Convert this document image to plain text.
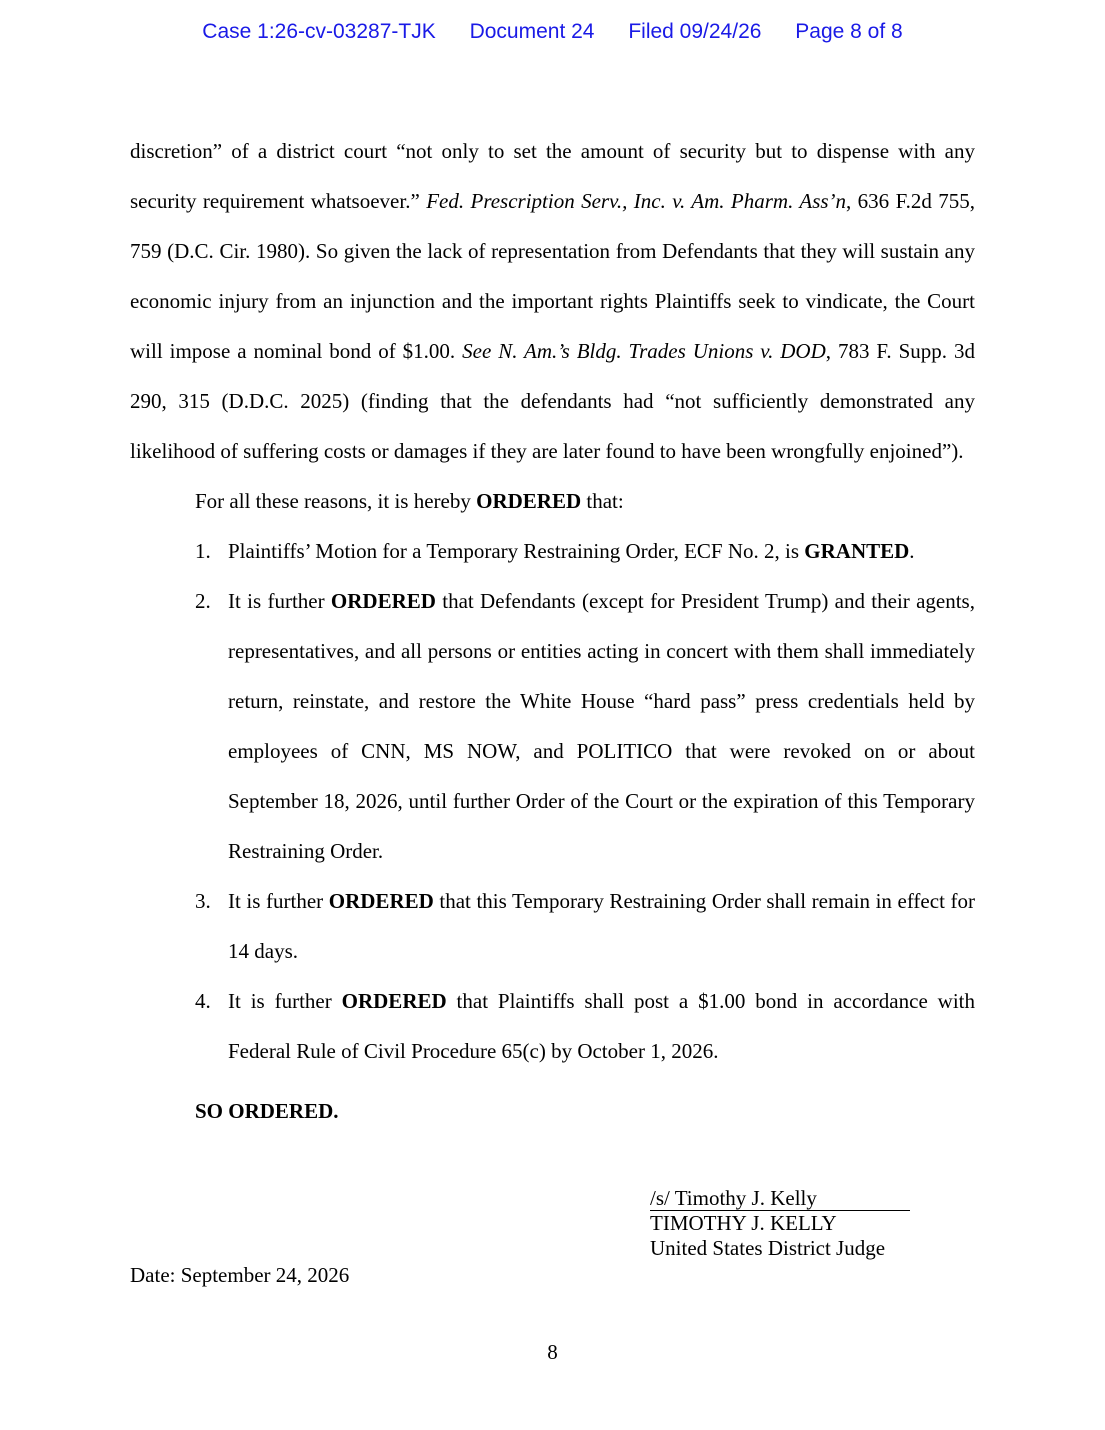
Case 1:26-cv-03287-TJK Document 24 Filed 09/24/26 Page 8 of 8

discretion” of a district court “not only to set the amount of security but to dispense with any security requirement whatsoever.” Fed. Prescription Serv., Inc. v. Am. Pharm. Ass’n, 636 F.2d 755, 759 (D.C. Cir. 1980). So given the lack of representation from Defendants that they will sustain any economic injury from an injunction and the important rights Plaintiffs seek to vindicate, the Court will impose a nominal bond of $1.00. See N. Am.’s Bldg. Trades Unions v. DOD, 783 F. Supp. 3d 290, 315 (D.D.C. 2025) (finding that the defendants had “not sufficiently demonstrated any likelihood of suffering costs or damages if they are later found to have been wrongfully enjoined”).

For all these reasons, it is hereby ORDERED that:

1. Plaintiffs’ Motion for a Temporary Restraining Order, ECF No. 2, is GRANTED.

2. It is further ORDERED that Defendants (except for President Trump) and their agents, representatives, and all persons or entities acting in concert with them shall immediately return, reinstate, and restore the White House “hard pass” press credentials held by employees of CNN, MS NOW, and POLITICO that were revoked on or about September 18, 2026, until further Order of the Court or the expiration of this Temporary Restraining Order.

3. It is further ORDERED that this Temporary Restraining Order shall remain in effect for 14 days.

4. It is further ORDERED that Plaintiffs shall post a $1.00 bond in accordance with Federal Rule of Civil Procedure 65(c) by October 1, 2026.

SO ORDERED.

/s/ Timothy J. Kelly
TIMOTHY J. KELLY
United States District Judge
Date: September 24, 2026
8
